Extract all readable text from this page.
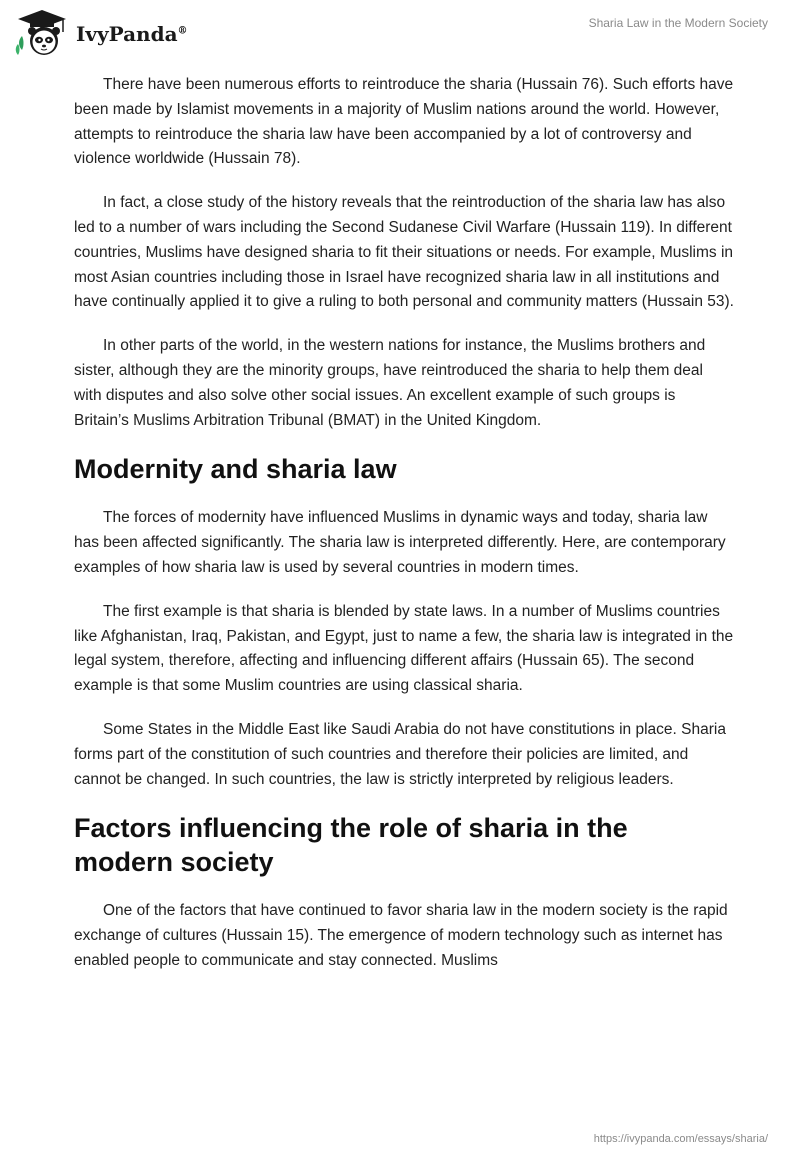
IvyPanda®
Sharia Law in the Modern Society

There have been numerous efforts to reintroduce the sharia (Hussain 76). Such efforts have been made by Islamist movements in a majority of Muslim nations around the world. However, attempts to reintroduce the sharia law have been accompanied by a lot of controversy and violence worldwide (Hussain 78).

In fact, a close study of the history reveals that the reintroduction of the sharia law has also led to a number of wars including the Second Sudanese Civil Warfare (Hussain 119). In different countries, Muslims have designed sharia to fit their situations or needs. For example, Muslims in most Asian countries including those in Israel have recognized sharia law in all institutions and have continually applied it to give a ruling to both personal and community matters (Hussain 53).

In other parts of the world, in the western nations for instance, the Muslims brothers and sister, although they are the minority groups, have reintroduced the sharia to help them deal with disputes and also solve other social issues. An excellent example of such groups is Britain’s Muslims Arbitration Tribunal (BMAT) in the United Kingdom.

Modernity and sharia law

The forces of modernity have influenced Muslims in dynamic ways and today, sharia law has been affected significantly. The sharia law is interpreted differently. Here, are contemporary examples of how sharia law is used by several countries in modern times.

The first example is that sharia is blended by state laws. In a number of Muslims countries like Afghanistan, Iraq, Pakistan, and Egypt, just to name a few, the sharia law is integrated in the legal system, therefore, affecting and influencing different affairs (Hussain 65). The second example is that some Muslim countries are using classical sharia.

Some States in the Middle East like Saudi Arabia do not have constitutions in place. Sharia forms part of the constitution of such countries and therefore their policies are limited, and cannot be changed. In such countries, the law is strictly interpreted by religious leaders.

Factors influencing the role of sharia in the modern society

One of the factors that have continued to favor sharia law in the modern society is the rapid exchange of cultures (Hussain 15). The emergence of modern technology such as internet has enabled people to communicate and stay connected. Muslims

https://ivypanda.com/essays/sharia/
